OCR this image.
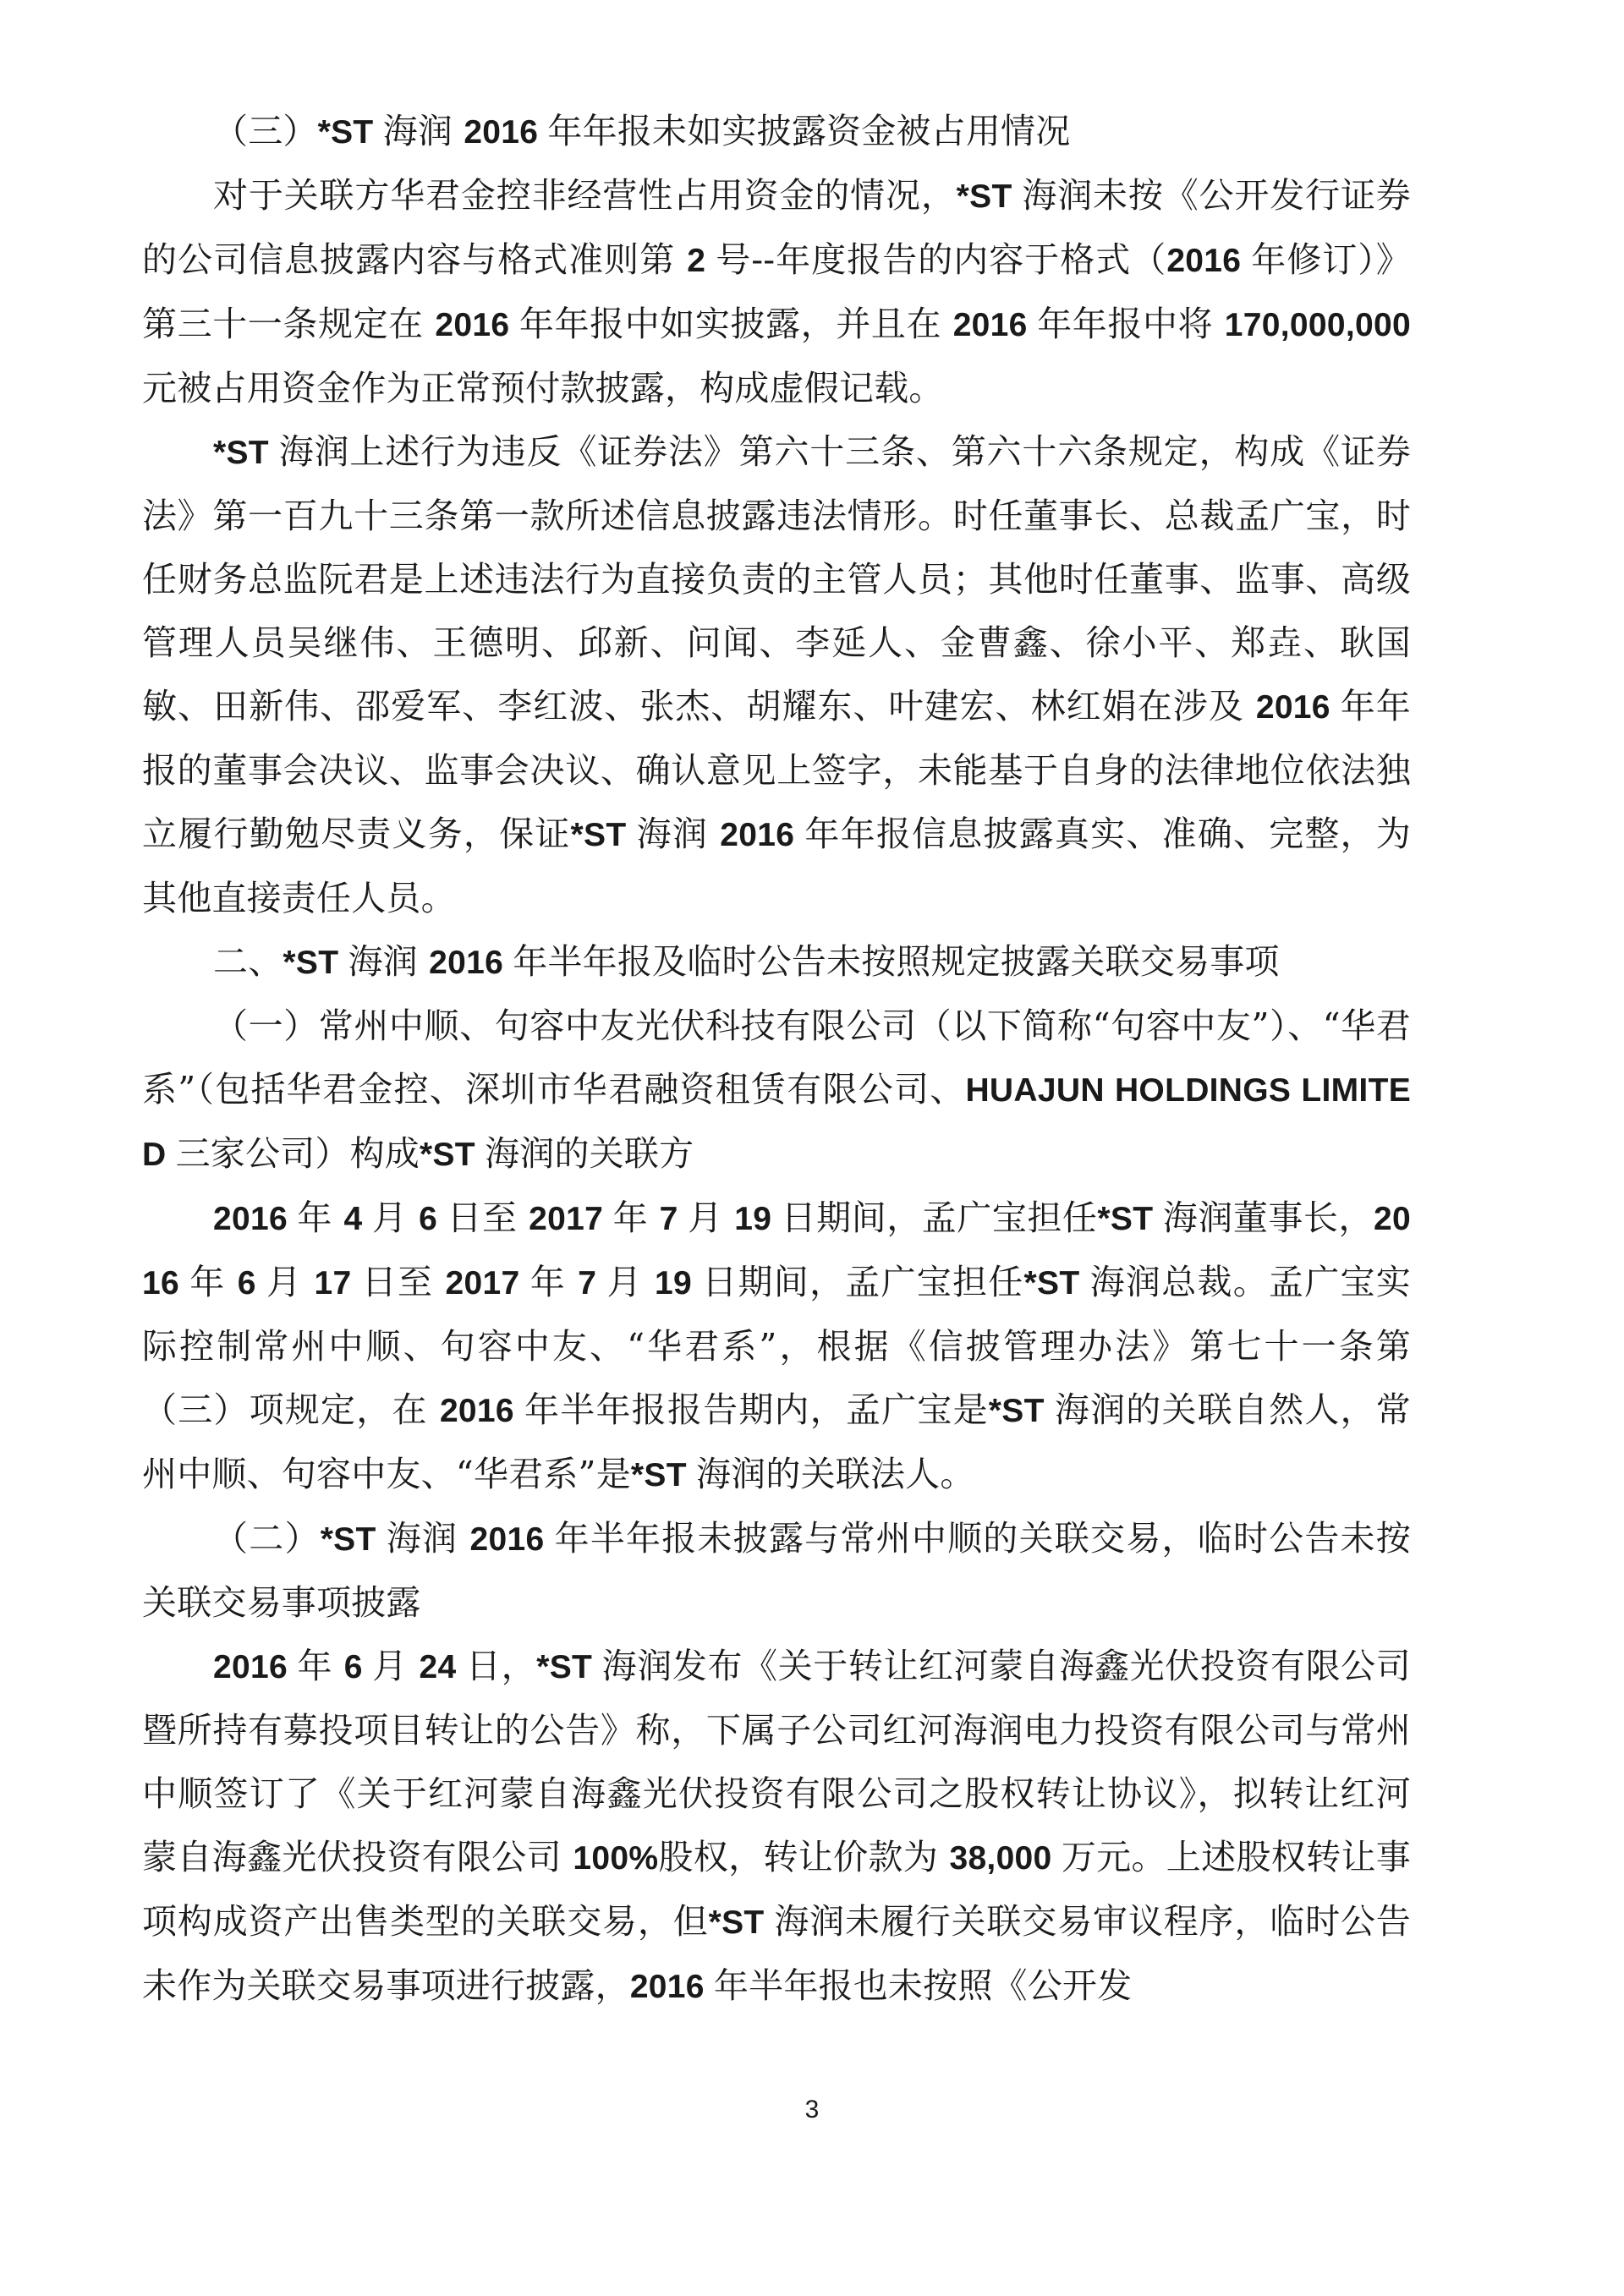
（三）*ST 海润 2016 年年报未如实披露资金被占用情况

对于关联方华君金控非经营性占用资金的情况，*ST 海润未按《公开发行证券的公司信息披露内容与格式准则第 2 号--年度报告的内容于格式（2016 年修订）》第三十一条规定在 2016 年年报中如实披露，并且在 2016 年年报中将 170,000,000 元被占用资金作为正常预付款披露，构成虚假记载。

*ST 海润上述行为违反《证券法》第六十三条、第六十六条规定，构成《证券法》第一百九十三条第一款所述信息披露违法情形。时任董事长、总裁孟广宝，时任财务总监阮君是上述违法行为直接负责的主管人员；其他时任董事、监事、高级管理人员吴继伟、王德明、邱新、问闻、李延人、金曹鑫、徐小平、郑垚、耿国敏、田新伟、邵爱军、李红波、张杰、胡耀东、叶建宏、林红娟在涉及 2016 年年报的董事会决议、监事会决议、确认意见上签字，未能基于自身的法律地位依法独立履行勤勉尽责义务，保证*ST 海润 2016 年年报信息披露真实、准确、完整，为其他直接责任人员。

二、*ST 海润 2016 年半年报及临时公告未按照规定披露关联交易事项

（一）常州中顺、句容中友光伏科技有限公司（以下简称“句容中友”）、“华君系”（包括华君金控、深圳市华君融资租赁有限公司、HUAJUN HOLDINGS LIMITED 三家公司）构成*ST 海润的关联方

2016 年 4 月 6 日至 2017 年 7 月 19 日期间，孟广宝担任*ST 海润董事长，2016 年 6 月 17 日至 2017 年 7 月 19 日期间，孟广宝担任*ST 海润总裁。孟广宝实际控制常州中顺、句容中友、“华君系”，根据《信披管理办法》第七十一条第（三）项规定，在 2016 年半年报报告期内，孟广宝是*ST 海润的关联自然人，常州中顺、句容中友、“华君系”是*ST 海润的关联法人。

（二）*ST 海润 2016 年半年报未披露与常州中顺的关联交易，临时公告未按关联交易事项披露

2016 年 6 月 24 日，*ST 海润发布《关于转让红河蒙自海鑫光伏投资有限公司暨所持有募投项目转让的公告》称，下属子公司红河海润电力投资有限公司与常州中顺签订了《关于红河蒙自海鑫光伏投资有限公司之股权转让协议》，拟转让红河蒙自海鑫光伏投资有限公司 100%股权，转让价款为 38,000 万元。上述股权转让事项构成资产出售类型的关联交易，但*ST 海润未履行关联交易审议程序，临时公告未作为关联交易事项进行披露，2016 年半年报也未按照《公开发

3
